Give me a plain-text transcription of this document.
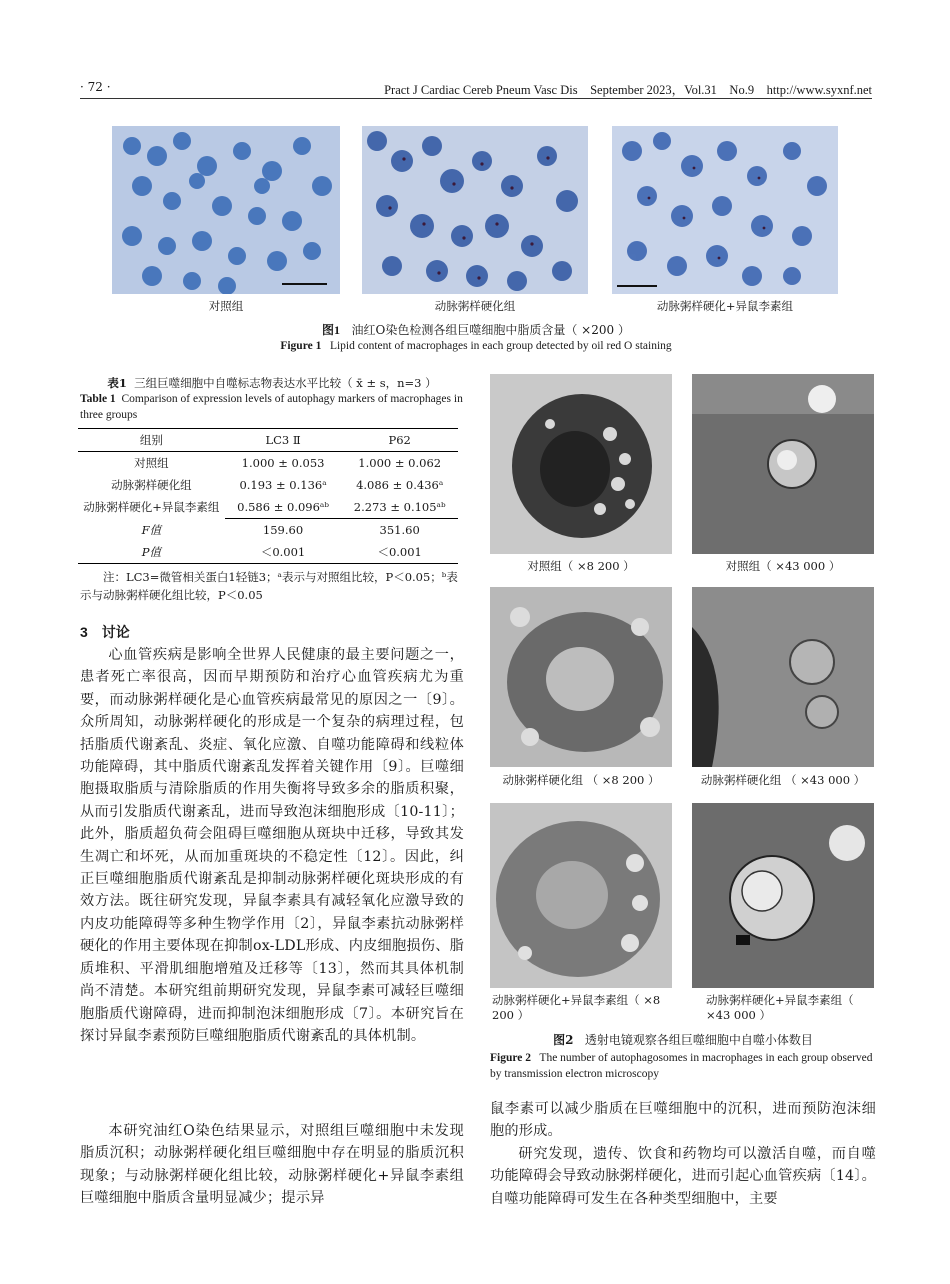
· 72 ·	Pract J Cardiac Cereb Pneum Vasc Dis　September 2023，Vol.31　No.9　http://www.syxnf.net
对照组	动脉粥样硬化组	动脉粥样硬化+异鼠李素组
图1 油红O染色检测各组巨噬细胞中脂质含量（ ×200 ）
Figure 1 Lipid content of macrophages in each group detected by oil red O staining
表1 三组巨噬细胞中自噬标志物表达水平比较（ x̄ ± s，n=3 ）
Table 1 Comparison of expression levels of autophagy markers of macrophages in three groups
组别	LC3 Ⅱ	P62
对照组	1.000 ± 0.053	1.000 ± 0.062
动脉粥样硬化组	0.193 ± 0.136ᵃ	4.086 ± 0.436ᵃ
动脉粥样硬化+异鼠李素组	0.586 ± 0.096ᵃᵇ	2.273 ± 0.105ᵃᵇ
F值	159.60	351.60
P值	＜0.001	＜0.001
注：LC3=微管相关蛋白1轻链3；ᵃ表示与对照组比较，P＜0.05；ᵇ表示与动脉粥样硬化组比较，P＜0.05
3　讨论
心血管疾病是影响全世界人民健康的最主要问题之一，患者死亡率很高，因而早期预防和治疗心血管疾病尤为重要，而动脉粥样硬化是心血管疾病最常见的原因之一〔9〕。众所周知，动脉粥样硬化的形成是一个复杂的病理过程，包括脂质代谢紊乱、炎症、氧化应激、自噬功能障碍和线粒体功能障碍，其中脂质代谢紊乱发挥着关键作用〔9〕。巨噬细胞摄取脂质与清除脂质的作用失衡将导致多余的脂质积聚，从而引发脂质代谢紊乱，进而导致泡沫细胞形成〔10-11〕；此外，脂质超负荷会阻碍巨噬细胞从斑块中迁移，导致其发生凋亡和坏死，从而加重斑块的不稳定性〔12〕。因此，纠正巨噬细胞脂质代谢紊乱是抑制动脉粥样硬化斑块形成的有效方法。既往研究发现，异鼠李素具有减轻氧化应激导致的内皮功能障碍等多种生物学作用〔2〕，异鼠李素抗动脉粥样硬化的作用主要体现在抑制ox-LDL形成、内皮细胞损伤、脂质堆积、平滑肌细胞增殖及迁移等〔13〕，然而其具体机制尚不清楚。本研究组前期研究发现，异鼠李素可减轻巨噬细胞脂质代谢障碍，进而抑制泡沫细胞形成〔7〕。本研究旨在探讨异鼠李素预防巨噬细胞脂质代谢紊乱的具体机制。
本研究油红O染色结果显示，对照组巨噬细胞中未发现脂质沉积；动脉粥样硬化组巨噬细胞中存在明显的脂质沉积现象；与动脉粥样硬化组比较，动脉粥样硬化+异鼠李素组巨噬细胞中脂质含量明显减少；提示异
对照组（ ×8 200 ）	对照组（ ×43 000 ）
动脉粥样硬化组 （ ×8 200 ）	动脉粥样硬化组 （ ×43 000 ）
动脉粥样硬化+异鼠李素组（ ×8 200 ）
动脉粥样硬化+异鼠李素组（ ×43 000 ）
图2 透射电镜观察各组巨噬细胞中自噬小体数目
Figure 2 The number of autophagosomes in macrophages in each group observed by transmission electron microscopy
鼠李素可以减少脂质在巨噬细胞中的沉积，进而预防泡沫细胞的形成。
研究发现，遗传、饮食和药物均可以激活自噬，而自噬功能障碍会导致动脉粥样硬化，进而引起心血管疾病〔14〕。自噬功能障碍可发生在各种类型细胞中，主要
